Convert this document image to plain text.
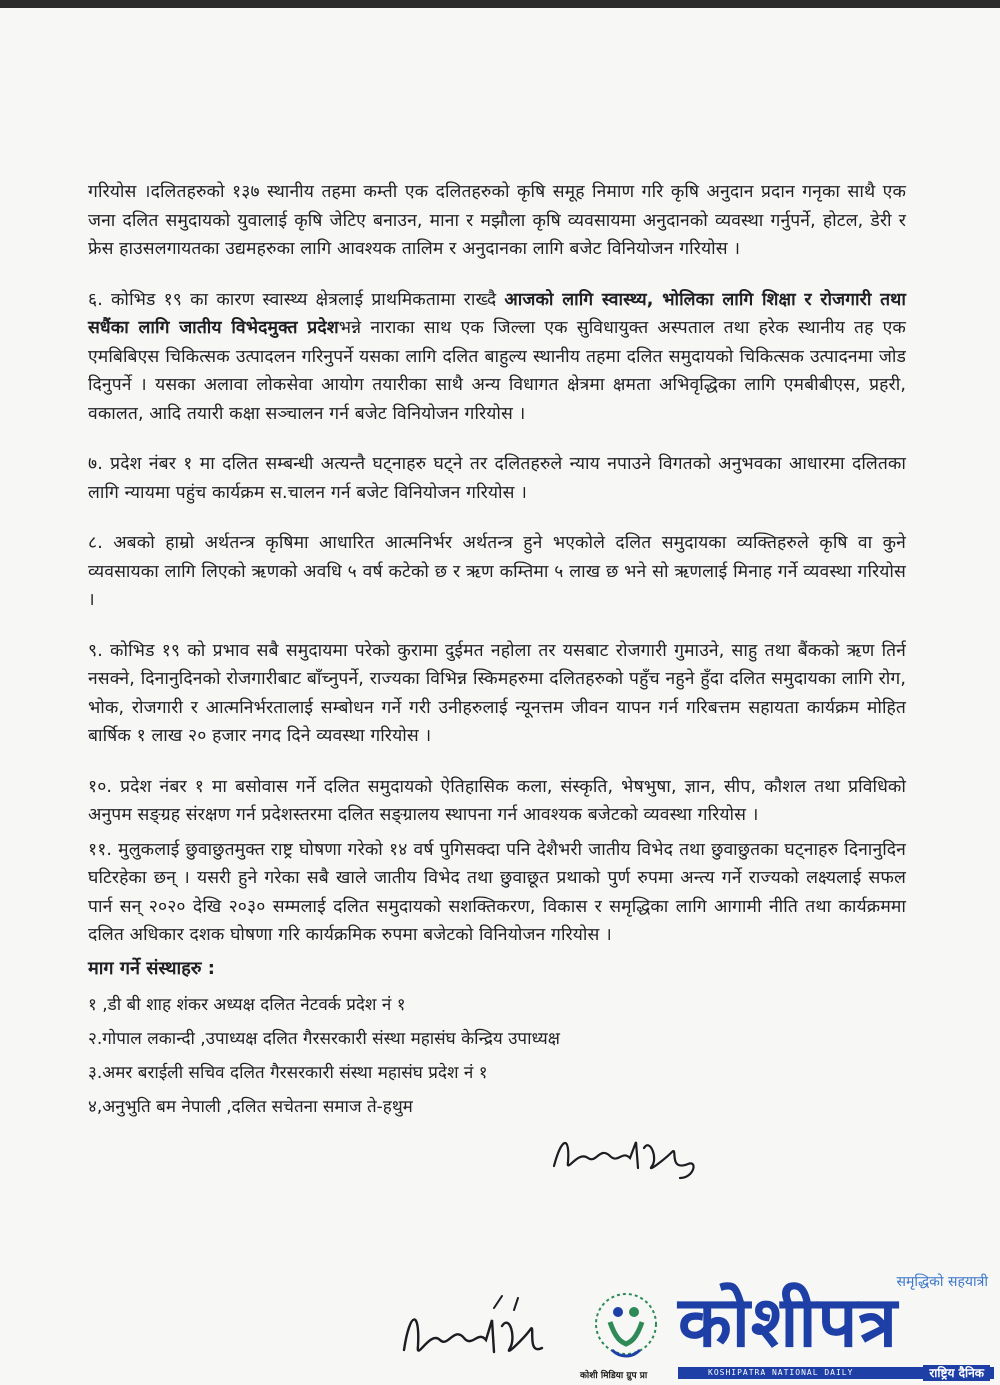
गरियोस ।दलितहरुको १३७ स्थानीय तहमा कम्ती एक दलितहरुको कृषि समूह निमाण गरि कृषि अनुदान प्रदान गनृका साथै एक जना दलित समुदायको युवालाई कृषि जेटिए बनाउन, माना र मझौला कृषि व्यवसायमा अनुदानको व्यवस्था गर्नुपर्ने, होटल, डेरी र फ्रेस हाउसलगायतका उद्यमहरुका लागि आवश्यक तालिम र अनुदानका लागि बजेट विनियोजन गरियोस ।

६. कोभिड १९ का कारण स्वास्थ्य क्षेत्रलाई प्राथमिकतामा राख्दै आजको लागि स्वास्थ्य, भोलिका लागि शिक्षा र रोजगारी तथा सधैंका लागि जातीय विभेदमुक्त प्रदेशभन्ने नाराका साथ एक जिल्ला एक सुविधायुक्त अस्पताल तथा हरेक स्थानीय तह एक एमबिबिएस चिकित्सक उत्पादलन गरिनुपर्ने यसका लागि दलित बाहुल्य स्थानीय तहमा दलित समुदायको चिकित्सक उत्पादनमा जोड दिनुपर्ने । यसका अलावा लोकसेवा आयोग तयारीका साथै अन्य विधागत क्षेत्रमा क्षमता अभिवृद्धिका लागि एमबीबीएस, प्रहरी, वकालत, आदि तयारी कक्षा सञ्चालन गर्न बजेट विनियोजन गरियोस ।

७. प्रदेश नंबर १ मा दलित सम्बन्धी अत्यन्तै घट्नाहरु घट्ने तर दलितहरुले न्याय नपाउने विगतको अनुभवका आधारमा दलितका लागि न्यायमा पहुंच कार्यक्रम स.चालन गर्न बजेट विनियोजन गरियोस ।

८. अबको हाम्रो अर्थतन्त्र कृषिमा आधारित आत्मनिर्भर अर्थतन्त्र हुने भएकोले दलित समुदायका व्यक्तिहरुले कृषि वा कुने व्यवसायका लागि लिएको ऋणको अवधि ५ वर्ष कटेको छ र ऋण कम्तिमा ५ लाख छ भने सो ऋणलाई मिनाह गर्ने व्यवस्था गरियोस ।

९. कोभिड १९ को प्रभाव सबै समुदायमा परेको कुरामा दुईमत नहोला तर यसबाट रोजगारी गुमाउने, साहु तथा बैंकको ऋण तिर्न नसक्ने, दिनानुदिनको रोजगारीबाट बाँच्नुपर्ने, राज्यका विभिन्न स्किमहरुमा दलितहरुको पहुँच नहुने हुँदा दलित समुदायका लागि रोग, भोक, रोजगारी र आत्मनिर्भरतालाई सम्बोधन गर्ने गरी उनीहरुलाई न्यूनत्तम जीवन यापन गर्न गरिबत्तम सहायता कार्यक्रम मोहित बार्षिक १ लाख २० हजार नगद दिने व्यवस्था गरियोस ।

१०. प्रदेश नंबर १ मा बसोवास गर्ने दलित समुदायको ऐतिहासिक कला, संस्कृति, भेषभुषा, ज्ञान, सीप, कौशल तथा प्रविधिको अनुपम सङ्ग्रह संरक्षण गर्न प्रदेशस्तरमा दलित सङ्ग्रालय स्थापना गर्न आवश्यक बजेटको व्यवस्था गरियोस ।

११. मुलुकलाई छुवाछुतमुक्त राष्ट्र घोषणा गरेको १४ वर्ष पुगिसक्दा पनि देशैभरी जातीय विभेद तथा छुवाछुतका घट्नाहरु दिनानुदिन घटिरहेका छन् । यसरी हुने गरेका सबै खाले जातीय विभेद तथा छुवाछूत प्रथाको पुर्ण रुपमा अन्त्य गर्ने राज्यको लक्ष्यलाई सफल पार्न सन् २०२० देखि २०३० सम्मलाई दलित समुदायको सशक्तिकरण, विकास र समृद्धिका लागि आगामी नीति तथा कार्यक्रममा दलित अधिकार दशक घोषणा गरि कार्यक्रमिक रुपमा बजेटको विनियोजन गरियोस ।

माग गर्ने संस्थाहरु :
१ ,डी बी शाह शंकर अध्यक्ष दलित नेटवर्क प्रदेश नं १
२.गोपाल लकान्दी ,उपाध्यक्ष दलित गैरसरकारी संस्था महासंघ केन्द्रिय उपाध्यक्ष
३.अमर बराईली सचिव दलित गैरसरकारी संस्था महासंघ प्रदेश नं १
४,अनुभुति बम नेपाली ,दलित सचेतना समाज ते-हथुम
समृद्धिको सहयात्री
कोशी मिडिया ग्रुप प्रा
कोशीपत्र
KOSHIPATRA NATIONAL DAILY	राष्ट्रिय दैनिक
